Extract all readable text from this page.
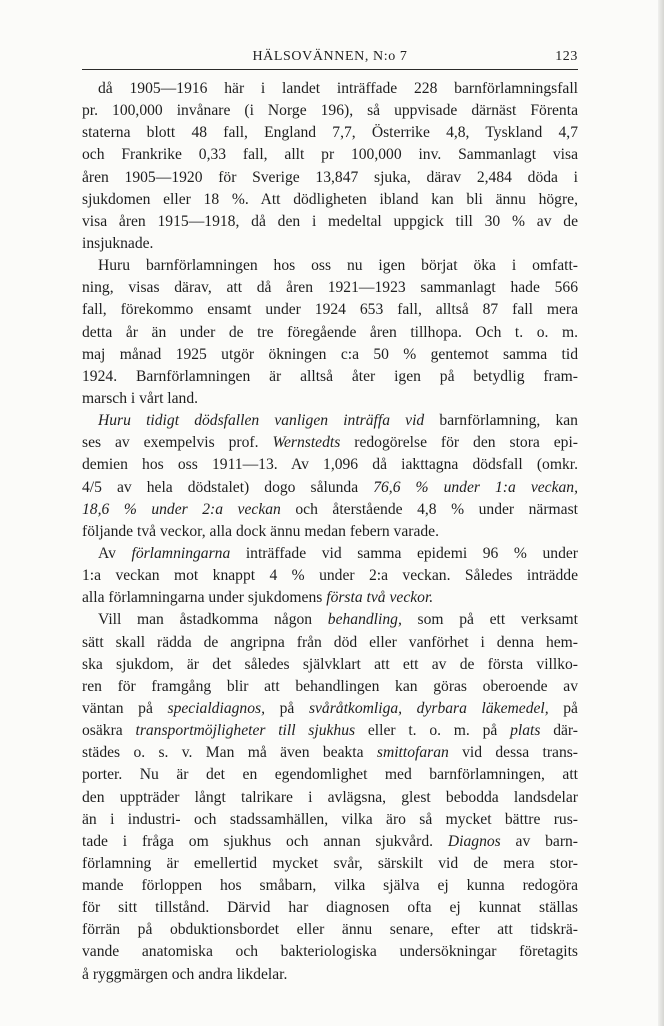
HÄLSOVÄNNEN, N:o 7	123
då 1905—1916 här i landet inträffade 228 barnförlamningsfall
pr. 100,000 invånare (i Norge 196), så uppvisade därnäst Förenta
staterna blott 48 fall, England 7,7, Österrike 4,8, Tyskland 4,7
och Frankrike 0,33 fall, allt pr 100,000 inv. Sammanlagt visa
åren 1905—1920 för Sverige 13,847 sjuka, därav 2,484 döda i
sjukdomen eller 18 %. Att dödligheten ibland kan bli ännu högre,
visa åren 1915—1918, då den i medeltal uppgick till 30 % av de
insjuknade.
Huru barnförlamningen hos oss nu igen börjat öka i omfatt-
ning, visas därav, att då åren 1921—1923 sammanlagt hade 566
fall, förekommo ensamt under 1924 653 fall, alltså 87 fall mera
detta år än under de tre föregående åren tillhopa. Och t. o. m.
maj månad 1925 utgör ökningen c:a 50 % gentemot samma tid
1924. Barnförlamningen är alltså åter igen på betydlig fram-
marsch i vårt land.
Huru tidigt dödsfallen vanligen inträffa vid barnförlamning, kan
ses av exempelvis prof. Wernstedts redogörelse för den stora epi-
demien hos oss 1911—13. Av 1,096 då iakttagna dödsfall (omkr.
4/5 av hela dödstalet) dogo sålunda 76,6 % under 1:a veckan,
18,6 % under 2:a veckan och återstående 4,8 % under närmast
följande två veckor, alla dock ännu medan febern varade.
Av förlamningarna inträffade vid samma epidemi 96 % under
1:a veckan mot knappt 4 % under 2:a veckan. Således inträdde
alla förlamningarna under sjukdomens första två veckor.
Vill man åstadkomma någon behandling, som på ett verksamt
sätt skall rädda de angripna från död eller vanförhet i denna hem-
ska sjukdom, är det således självklart att ett av de första villko-
ren för framgång blir att behandlingen kan göras oberoende av
väntan på specialdiagnos, på svåråtkomliga, dyrbara läkemedel, på
osäkra transportmöjligheter till sjukhus eller t. o. m. på plats där-
städes o. s. v. Man må även beakta smittofaran vid dessa trans-
porter. Nu är det en egendomlighet med barnförlamningen, att
den uppträder långt talrikare i avlägsna, glest bebodda landsdelar
än i industri- och stadssamhällen, vilka äro så mycket bättre rus-
tade i fråga om sjukhus och annan sjukvård. Diagnos av barn-
förlamning är emellertid mycket svår, särskilt vid de mera stor-
mande förloppen hos småbarn, vilka själva ej kunna redogöra
för sitt tillstånd. Därvid har diagnosen ofta ej kunnat ställas
förrän på obduktionsbordet eller ännu senare, efter att tidskrä-
vande anatomiska och bakteriologiska undersökningar företagits
å ryggmärgen och andra likdelar.
